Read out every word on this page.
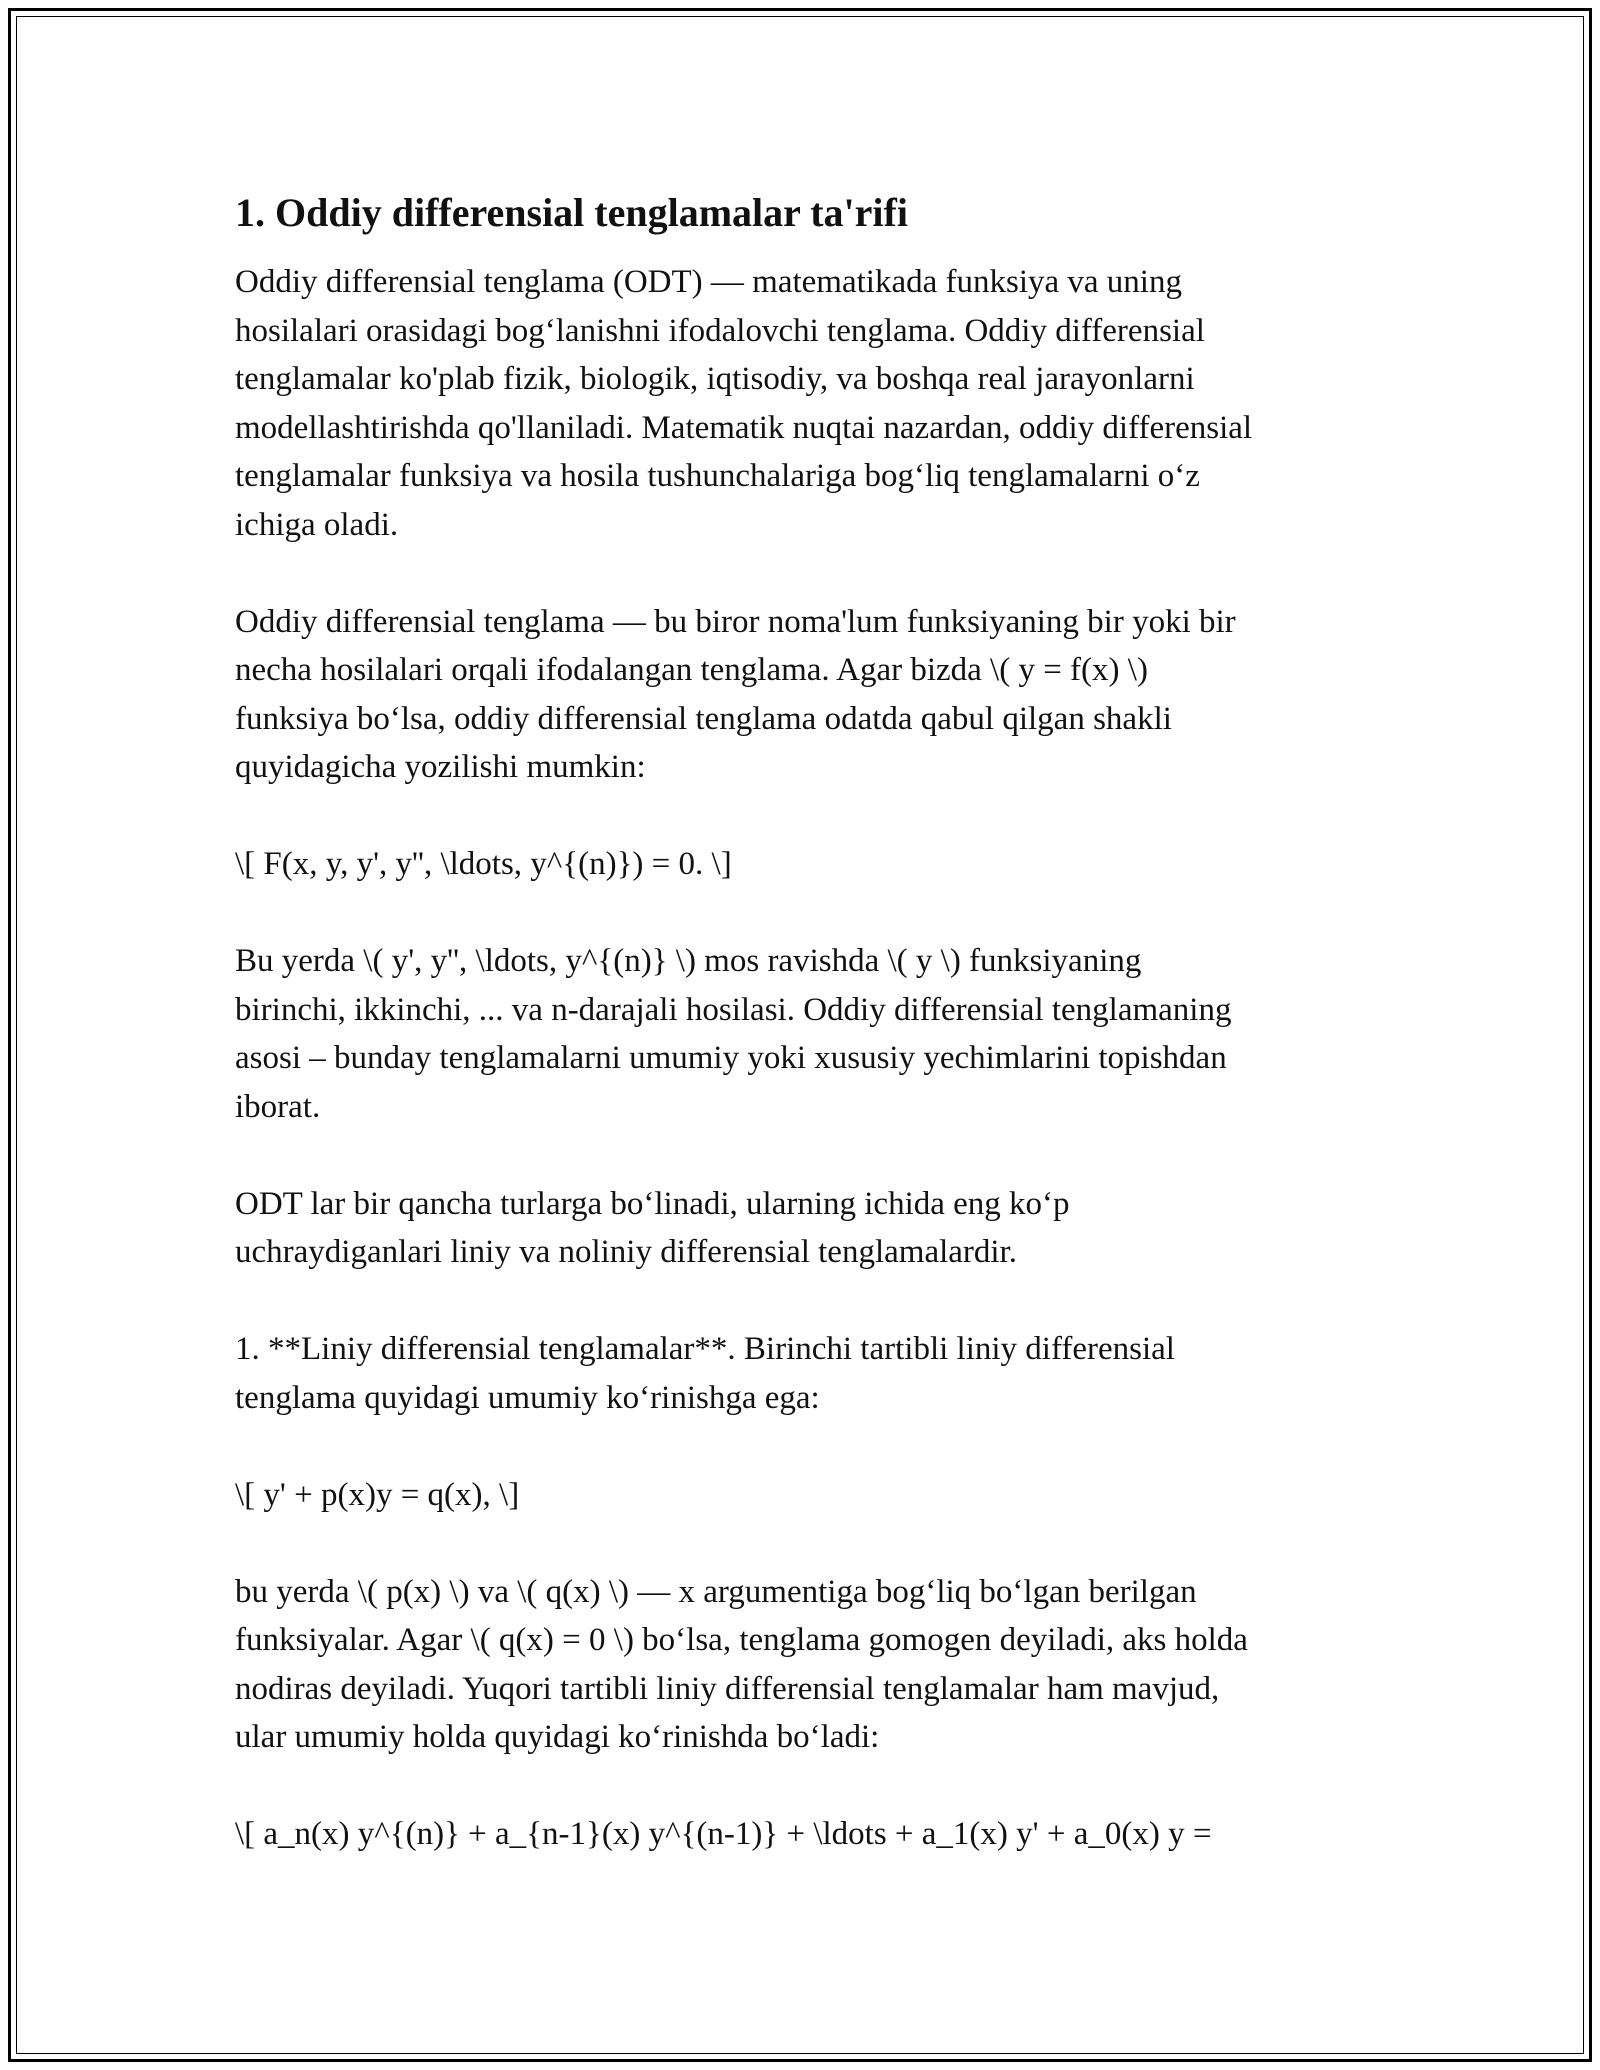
1. Oddiy differensial tenglamalar ta'rifi
Oddiy differensial tenglama (ODT) — matematikada funksiya va uning
hosilalari orasidagi bog‘lanishni ifodalovchi tenglama. Oddiy differensial
tenglamalar ko'plab fizik, biologik, iqtisodiy, va boshqa real jarayonlarni
modellashtirishda qo'llaniladi. Matematik nuqtai nazardan, oddiy differensial
tenglamalar funksiya va hosila tushunchalariga bog‘liq tenglamalarni o‘z
ichiga oladi.
Oddiy differensial tenglama — bu biror noma'lum funksiyaning bir yoki bir
necha hosilalari orqali ifodalangan tenglama. Agar bizda \( y = f(x) \)
funksiya bo‘lsa, oddiy differensial tenglama odatda qabul qilgan shakli
quyidagicha yozilishi mumkin:
\[ F(x, y, y', y'', \ldots, y^{(n)}) = 0. \]
Bu yerda \( y', y'', \ldots, y^{(n)} \) mos ravishda \( y \) funksiyaning
birinchi, ikkinchi, ... va n-darajali hosilasi. Oddiy differensial tenglamaning
asosi – bunday tenglamalarni umumiy yoki xususiy yechimlarini topishdan
iborat.
ODT lar bir qancha turlarga bo‘linadi, ularning ichida eng ko‘p
uchraydiganlari liniy va noliniy differensial tenglamalardir.
1. **Liniy differensial tenglamalar**. Birinchi tartibli liniy differensial
tenglama quyidagi umumiy ko‘rinishga ega:
\[ y' + p(x)y = q(x), \]
bu yerda \( p(x) \) va \( q(x) \) — x argumentiga bog‘liq bo‘lgan berilgan
funksiyalar. Agar \( q(x) = 0 \) bo‘lsa, tenglama gomogen deyiladi, aks holda
nodiras deyiladi. Yuqori tartibli liniy differensial tenglamalar ham mavjud,
ular umumiy holda quyidagi ko‘rinishda bo‘ladi:
\[ a_n(x) y^{(n)} + a_{n-1}(x) y^{(n-1)} + \ldots + a_1(x) y' + a_0(x) y =
